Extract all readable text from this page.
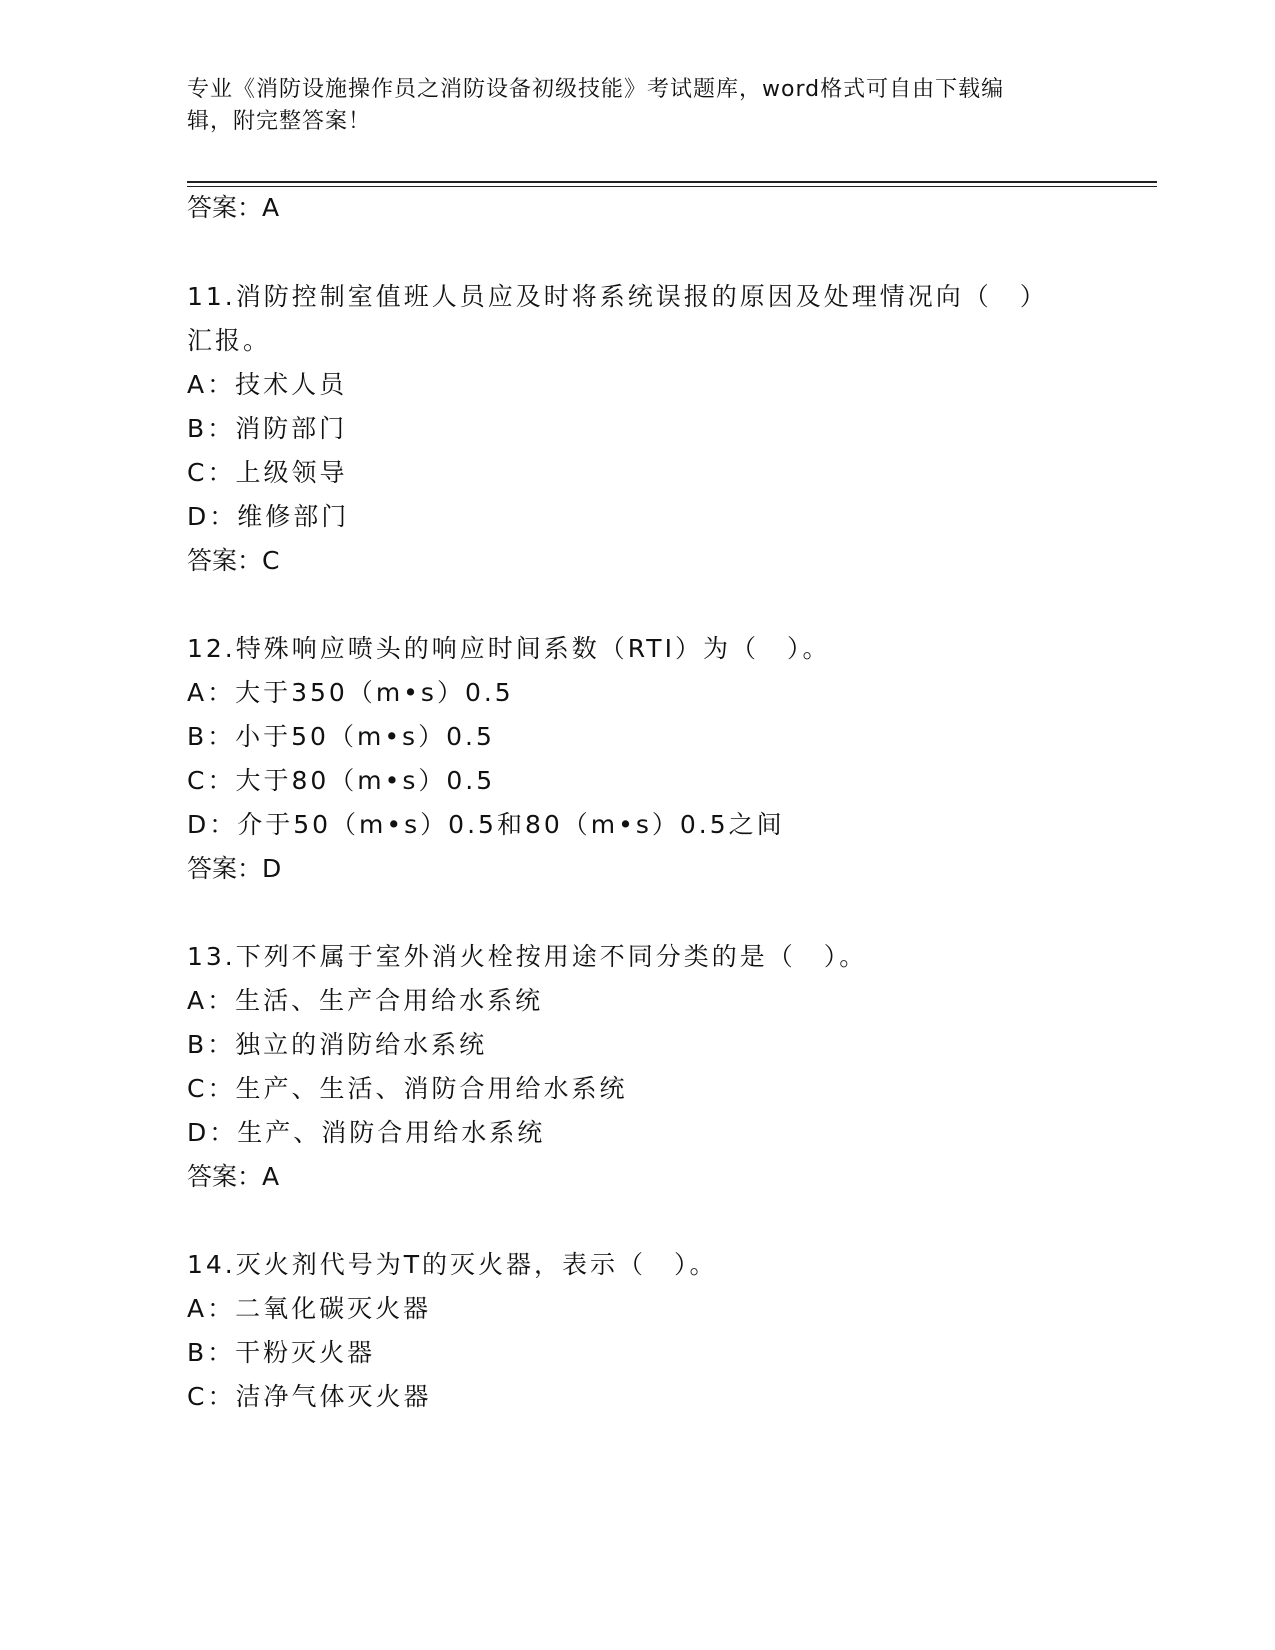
专业《消防设施操作员之消防设备初级技能》考试题库，word格式可自由下载编
辑，附完整答案！
答案：A
11.消防控制室值班人员应及时将系统误报的原因及处理情况向（　）
汇报。
A：技术人员
B：消防部门
C：上级领导
D：维修部门
答案：C
12.特殊响应喷头的响应时间系数（RTI）为（　）。
A：大于350（m•s）0.5
B：小于50（m•s）0.5
C：大于80（m•s）0.5
D：介于50（m•s）0.5和80（m•s）0.5之间
答案：D
13.下列不属于室外消火栓按用途不同分类的是（　）。
A：生活、生产合用给水系统
B：独立的消防给水系统
C：生产、生活、消防合用给水系统
D：生产、消防合用给水系统
答案：A
14.灭火剂代号为T的灭火器，表示（　）。
A：二氧化碳灭火器
B：干粉灭火器
C：洁净气体灭火器
